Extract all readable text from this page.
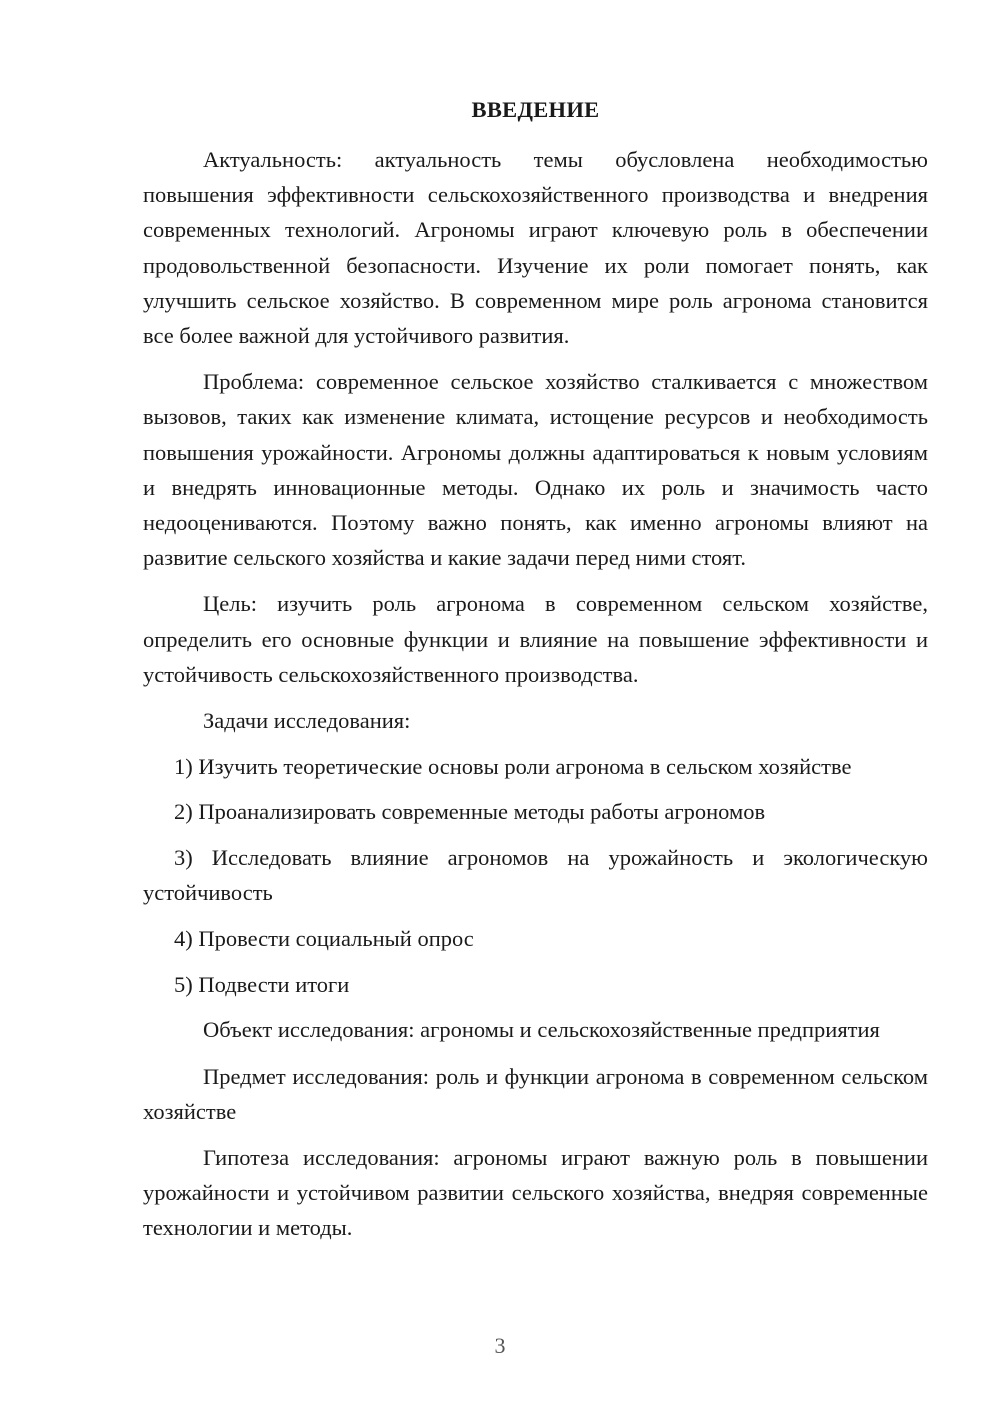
ВВЕДЕНИЕ

Актуальность: актуальность темы обусловлена необходимостью повышения эффективности сельскохозяйственного производства и внедрения современных технологий. Агрономы играют ключевую роль в обеспечении продовольственной безопасности. Изучение их роли помогает понять, как улучшить сельское хозяйство. В современном мире роль агронома становится все более важной для устойчивого развития.

Проблема: современное сельское хозяйство сталкивается с множеством вызовов, таких как изменение климата, истощение ресурсов и необходимость повышения урожайности. Агрономы должны адаптироваться к новым условиям и внедрять инновационные методы. Однако их роль и значимость часто недооцениваются. Поэтому важно понять, как именно агрономы влияют на развитие сельского хозяйства и какие задачи перед ними стоят.

Цель: изучить роль агронома в современном сельском хозяйстве, определить его основные функции и влияние на повышение эффективности и устойчивость сельскохозяйственного производства.

Задачи исследования:

1) Изучить теоретические основы роли агронома в сельском хозяйстве

2) Проанализировать современные методы работы агрономов

3) Исследовать влияние агрономов на урожайность и экологическую устойчивость

4) Провести социальный опрос

5) Подвести итоги

Объект исследования: агрономы и сельскохозяйственные предприятия

Предмет исследования: роль и функции агронома в современном сельском хозяйстве

Гипотеза исследования: агрономы играют важную роль в повышении урожайности и устойчивом развитии сельского хозяйства, внедряя современные технологии и методы.

3
